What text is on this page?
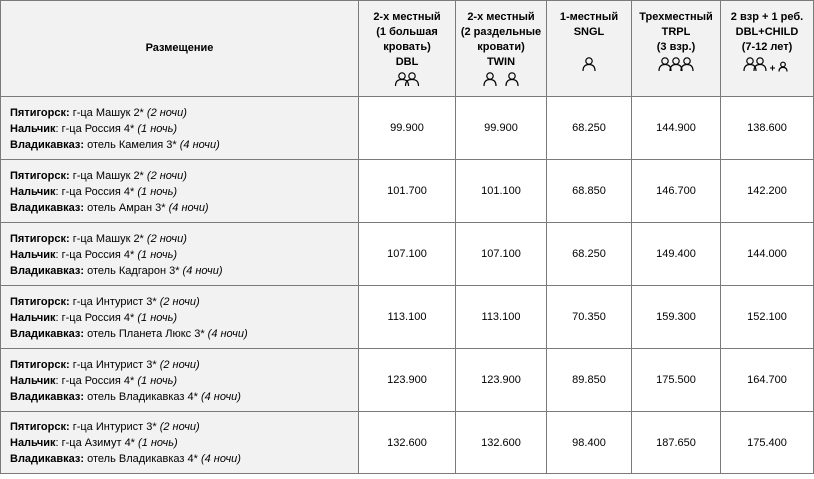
Размещение	2-х местный
(1 большая
кровать)
DBL	2-х местный
(2 раздельные
кровати)
TWIN	1-местный
SNGL	Трехместный
TRPL
(3 взр.)	2 взр + 1 реб.
DBL+CHILD
(7-12 лет)

Пятигорск: г-ца Машук 2* (2 ночи)
Нальчик: г-ца Россия 4* (1 ночь)
Владикавказ: отель Камелия 3* (4 ночи)	99.900	99.900	68.250	144.900	138.600

Пятигорск: г-ца Машук 2* (2 ночи)
Нальчик: г-ца Россия 4* (1 ночь)
Владикавказ: отель Амран 3* (4 ночи)	101.700	101.100	68.850	146.700	142.200

Пятигорск: г-ца Машук 2* (2 ночи)
Нальчик: г-ца Россия 4* (1 ночь)
Владикавказ: отель Кадгарон 3* (4 ночи)	107.100	107.100	68.250	149.400	144.000

Пятигорск: г-ца Интурист 3* (2 ночи)
Нальчик: г-ца Россия 4* (1 ночь)
Владикавказ: отель Планета Люкс 3* (4 ночи)	113.100	113.100	70.350	159.300	152.100

Пятигорск: г-ца Интурист 3* (2 ночи)
Нальчик: г-ца Россия 4* (1 ночь)
Владикавказ: отель Владикавказ 4* (4 ночи)	123.900	123.900	89.850	175.500	164.700

Пятигорск: г-ца Интурист 3* (2 ночи)
Нальчик: г-ца Азимут 4* (1 ночь)
Владикавказ: отель Владикавказ 4* (4 ночи)	132.600	132.600	98.400	187.650	175.400
